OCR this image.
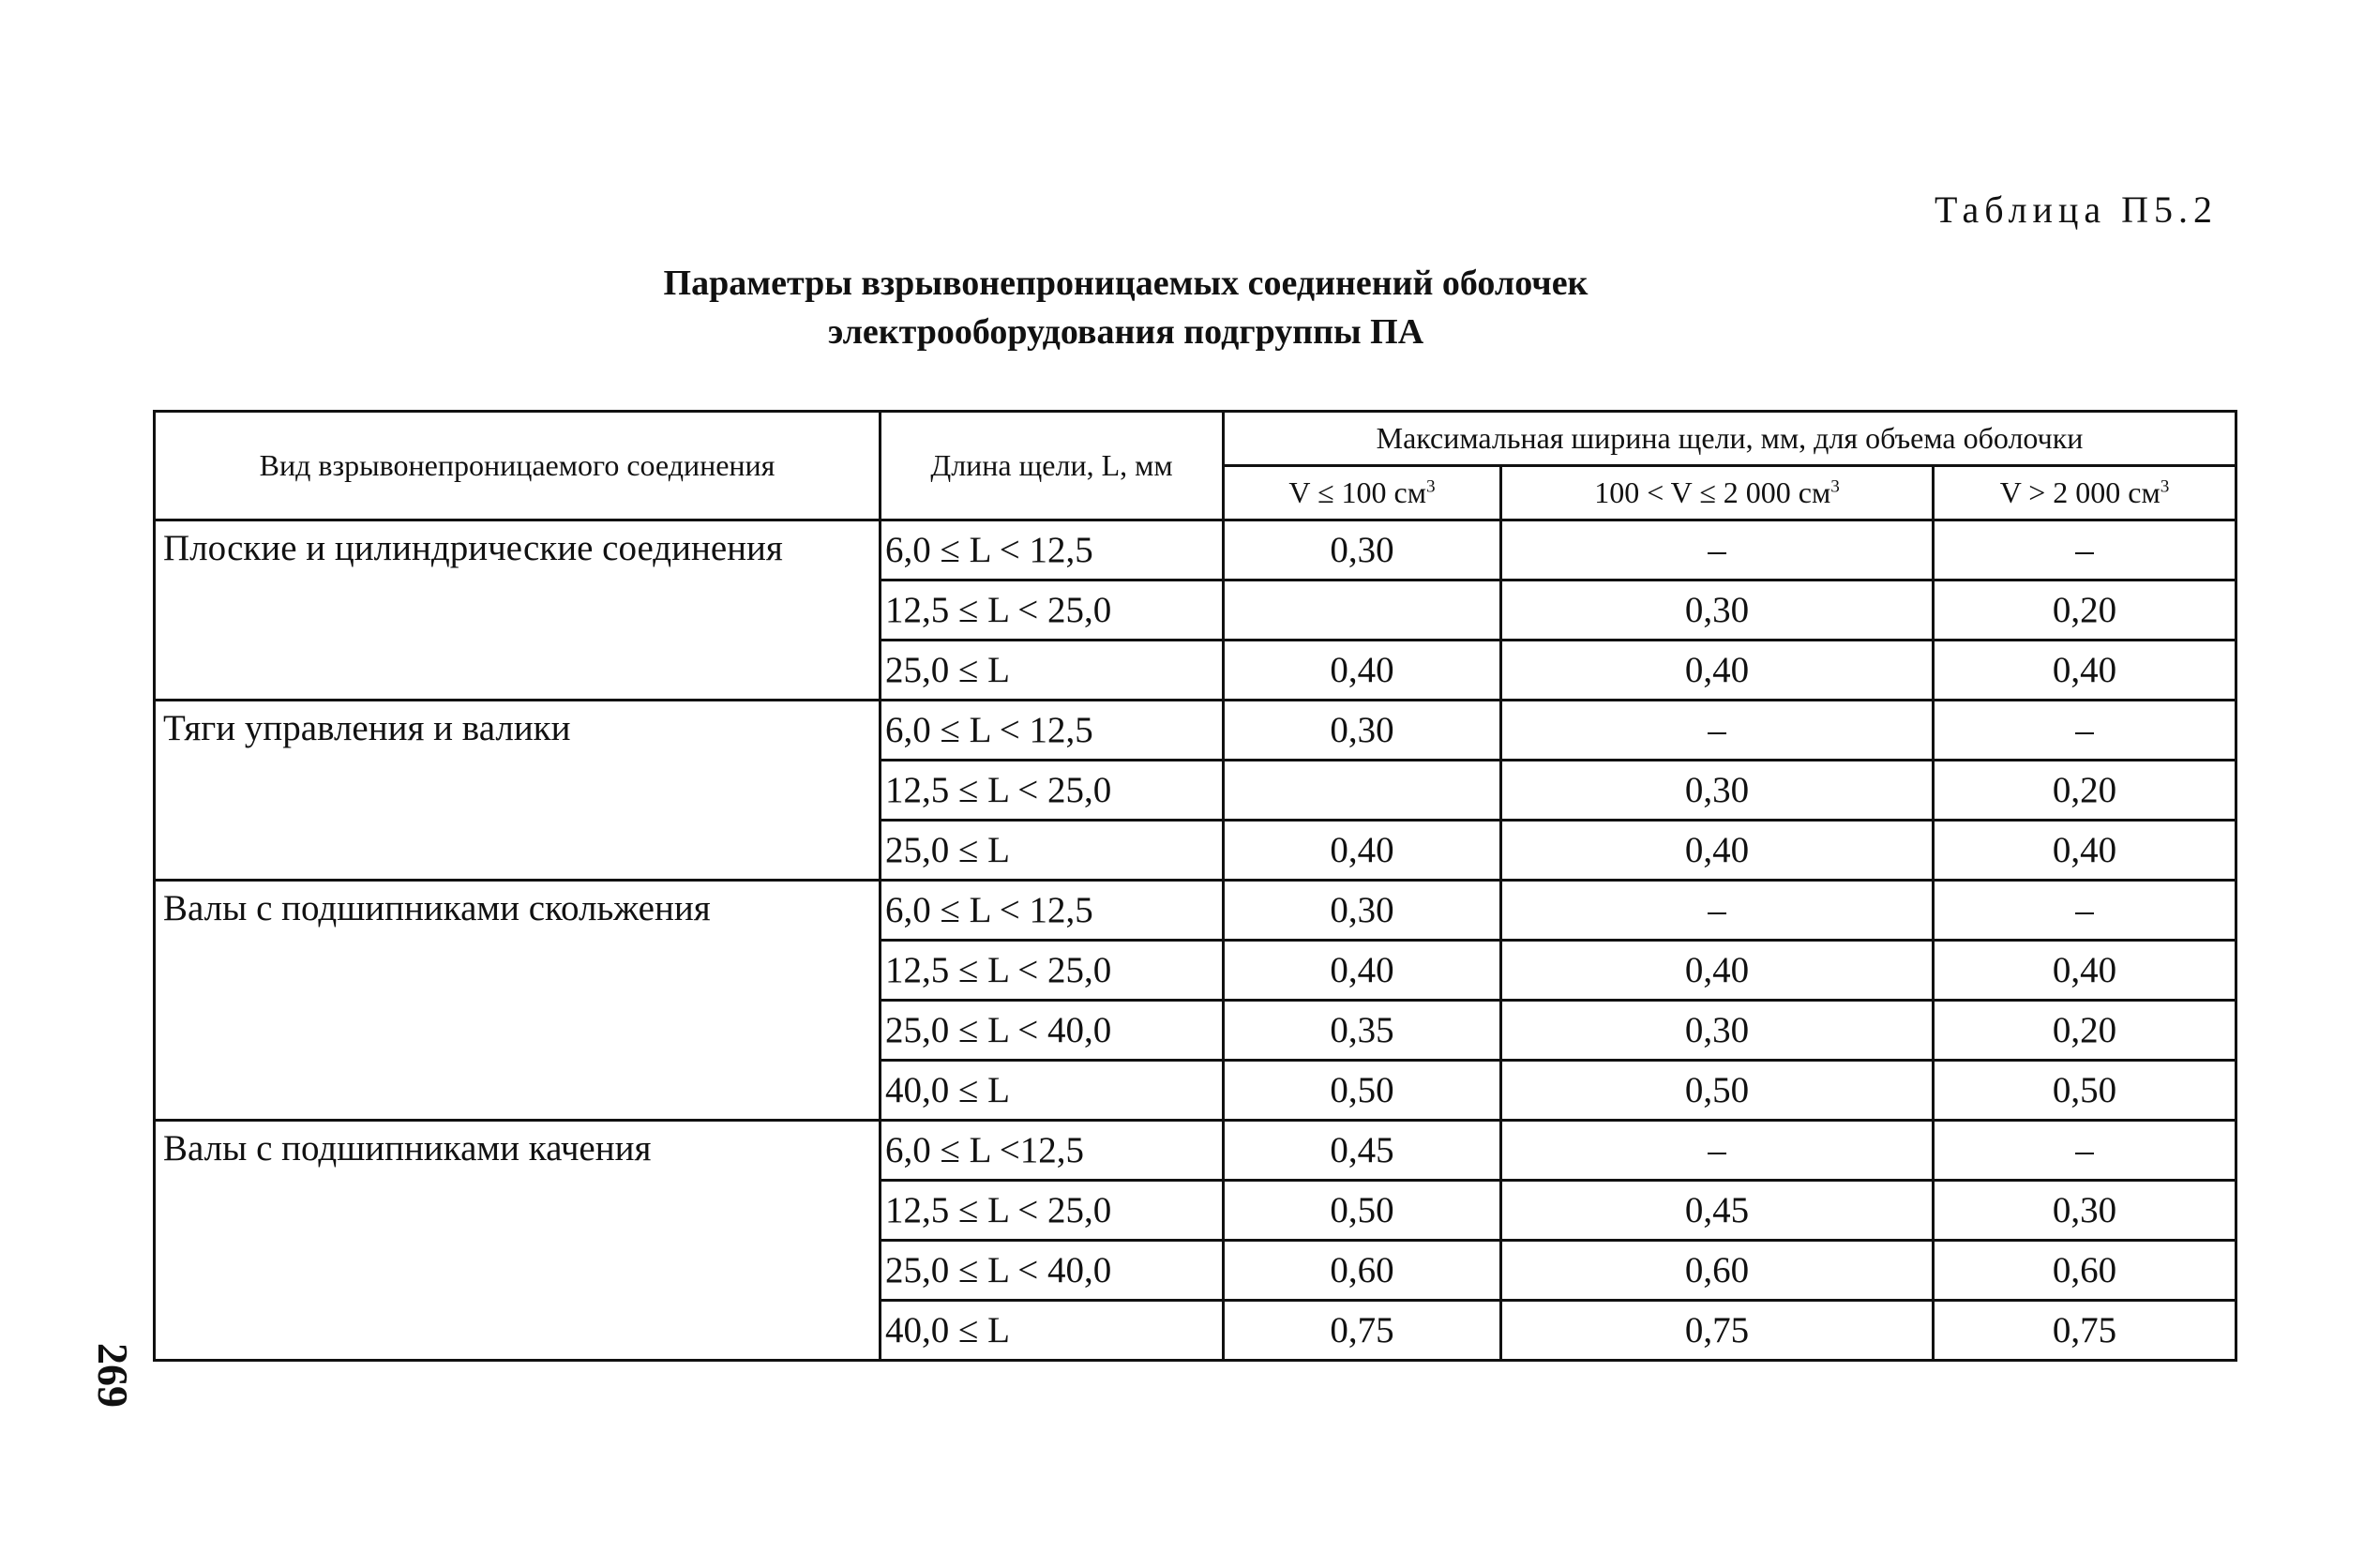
Таблица П5.2
Параметры взрывонепроницаемых соединений оболочек
электрооборудования подгруппы ПА
Вид взрывонепроницаемого соединения	Длина щели, L, мм	Максимальная ширина щели, мм, для объема оболочки		
		V ≤ 100 $см^3$	100 < V ≤ 2 000 $см^3$	V > 2 000 $см^3$
Плоские и цилиндрические соединения	6,0 ≤ L < 12,5	0,30	–	–
	12,5 ≤ L < 25,0		0,30	0,20
	25,0 ≤ L	0,40	0,40	0,40
Тяги управления и валики	6,0 ≤ L < 12,5	0,30	–	–
	12,5 ≤ L < 25,0		0,30	0,20
	25,0 ≤ L	0,40	0,40	0,40
Валы с подшипниками скольжения	6,0 ≤ L < 12,5	0,30	–	–
	12,5 ≤ L < 25,0	0,40	0,40	0,40
	25,0 ≤ L < 40,0	0,35	0,30	0,20
	40,0 ≤ L	0,50	0,50	0,50
Валы с подшипниками качения	6,0 ≤ L <12,5	0,45	–	–
	12,5 ≤ L < 25,0	0,50	0,45	0,30
	25,0 ≤ L < 40,0	0,60	0,60	0,60
	40,0 ≤ L	0,75	0,75	0,75
269
